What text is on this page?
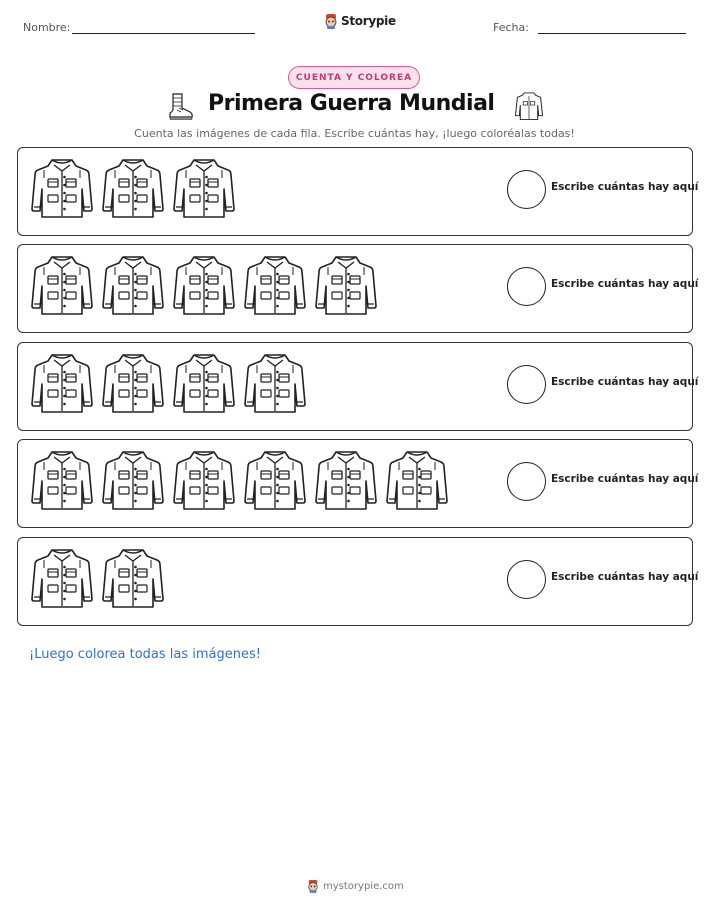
Nombre:	Storypie	Fecha:
CUENTA Y COLOREA
Primera Guerra Mundial
Cuenta las imágenes de cada fila. Escribe cuántas hay, ¡luego coloréalas todas!
Escribe cuántas hay aquí
Escribe cuántas hay aquí
Escribe cuántas hay aquí
Escribe cuántas hay aquí
Escribe cuántas hay aquí
¡Luego colorea todas las imágenes!
mystorypie.com
